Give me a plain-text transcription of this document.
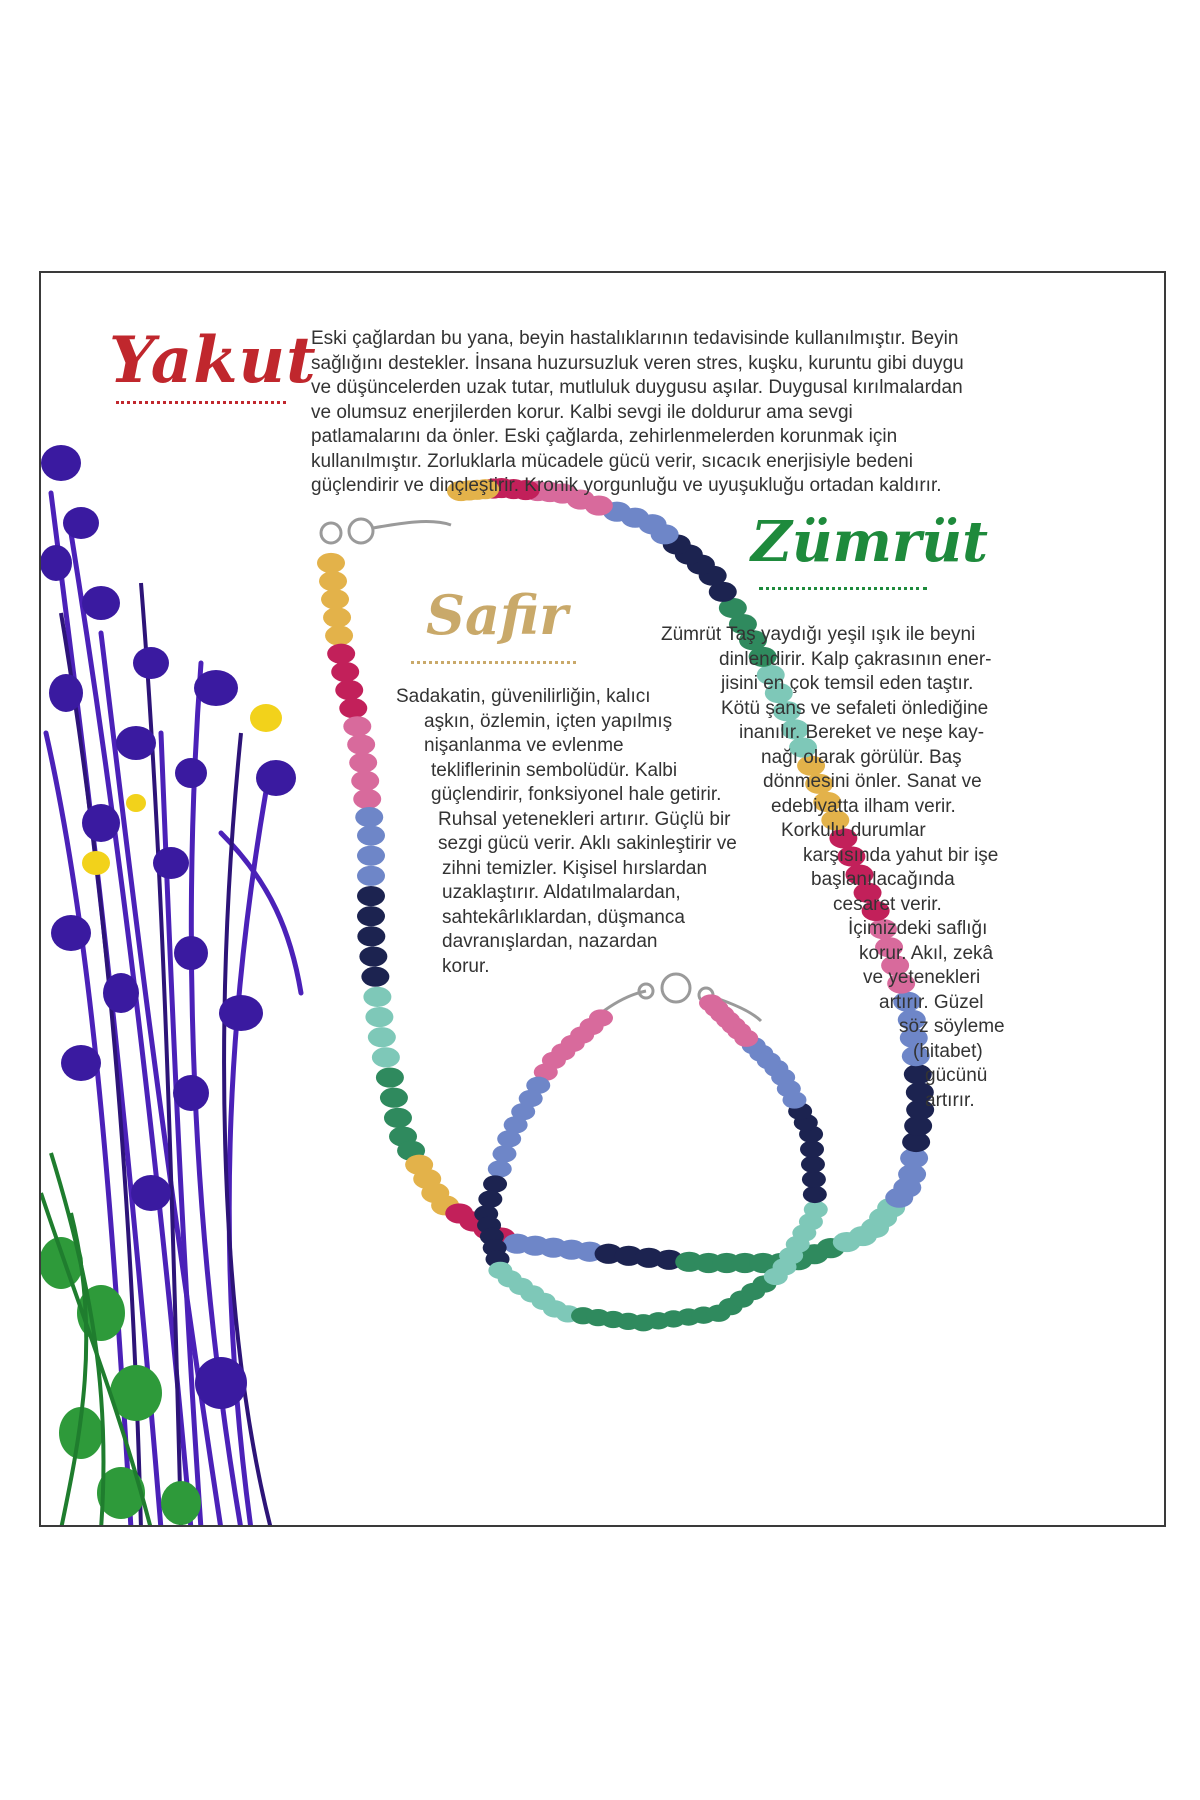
Yakut
Eski çağlardan bu yana, beyin hastalıklarının tedavisinde kullanılmıştır. Beyin
sağlığını destekler. İnsana huzursuzluk veren stres, kuşku, kuruntu gibi duygu
ve düşüncelerden uzak tutar, mutluluk duygusu aşılar. Duygusal kırılmalardan
ve olumsuz enerjilerden korur. Kalbi sevgi ile doldurur ama sevgi
patlamalarını da önler. Eski çağlarda, zehirlenmelerden korunmak için
kullanılmıştır. Zorluklarla mücadele gücü verir, sıcacık enerjisiyle bedeni
güçlendirir ve dinçleştirir. Kronik yorgunluğu ve uyuşukluğu ortadan kaldırır.
Safir
Sadakatin, güvenilirliğin, kalıcı
aşkın, özlemin, içten yapılmış
nişanlanma ve evlenme
tekliflerinin sembolüdür. Kalbi
güçlendirir, fonksiyonel hale getirir.
Ruhsal yetenekleri artırır. Güçlü bir
sezgi gücü verir. Aklı sakinleştirir ve
zihni temizler. Kişisel hırslardan
uzaklaştırır. Aldatılmalardan,
sahtekârlıklardan, düşmanca
davranışlardan, nazardan
korur.
Zümrüt
Zümrüt Taş yaydığı yeşil ışık ile beyni
dinlendirir. Kalp çakrasının ener-
jisini en çok temsil eden taştır.
Kötü şans ve sefaleti önlediğine
inanılır. Bereket ve neşe kay-
nağı olarak görülür. Baş
dönmesini önler. Sanat ve
edebiyatta ilham verir.
Korkulu durumlar
karşısında yahut bir işe
başlanılacağında
cesaret verir.
İçimizdeki saflığı
korur. Akıl, zekâ
ve yetenekleri
artırır. Güzel
söz söyleme
(hitabet)
gücünü
artırır.
